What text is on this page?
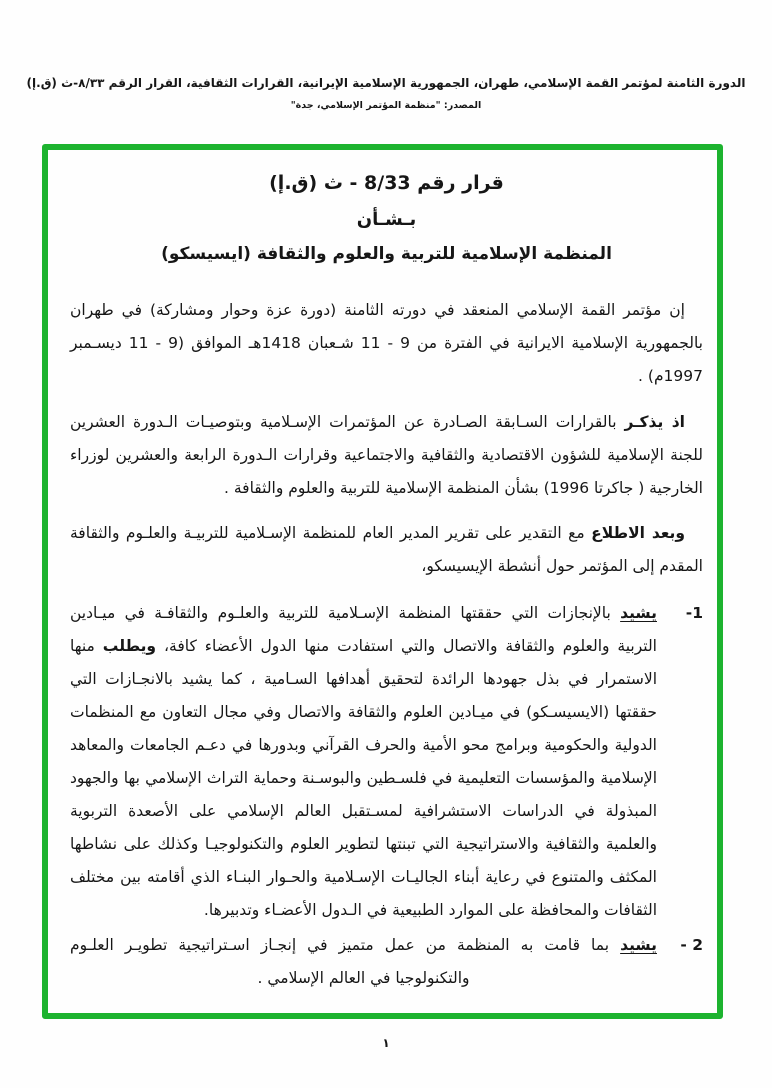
الدورة الثامنة لمؤتمر القمة الإسلامي، طهران، الجمهورية الإسلامية الإيرانية، القرارات الثقافية، القرار الرقم ٨/٣٣-ث (ق.إ)
المصدر: "منظمة المؤتمر الإسلامي، جدة"
قرار رقم 8/33 - ث (ق.إ)
بـشـأن
المنظمة الإسلامية للتربية والعلوم والثقافة (ايسيسكو)

إن مؤتمر القمة الإسلامي المنعقد في دورته الثامنة (دورة عزة وحوار ومشاركة) في طهران بالجمهورية الإسلامية الايرانية في الفترة من 9 - 11 شـعبان 1418هـ الموافق (9 - 11 ديسـمبر 1997م) .

اذ يذكـر بالقرارات السـابقة الصـادرة عن المؤتمرات الإسـلامية وبتوصيـات الـدورة العشرين للجنة الإسلامية للشؤون الاقتصادية والثقافية والاجتماعية وقرارات الـدورة الرابعة والعشرين لوزراء الخارجية ( جاكرتا 1996) بشأن المنظمة الإسلامية للتربية والعلوم والثقافة .

وبعد الاطلاع مع التقدير على تقرير المدير العام للمنظمة الإسـلامية للتربيـة والعلـوم والثقافة المقدم إلى المؤتمر حول أنشطة الإيسيسكو،

1-
يشيد بالإنجازات التي حققتها المنظمة الإسـلامية للتربية والعلـوم والثقافـة في ميـادين التربية والعلوم والثقافة والاتصال والتي استفادت منها الدول الأعضاء كافة، ويطلب منها الاستمرار في بذل جهودها الرائدة لتحقيق أهدافها السـامية ، كما يشيد بالانجـازات التي حققتها (الايسيسـكو) في ميـادين العلوم والثقافة والاتصال وفي مجال التعاون مع المنظمات الدولية والحكومية وبرامج محو الأمية والحرف القرآني وبدورها في دعـم الجامعات والمعاهد الإسلامية والمؤسسات التعليمية في فلسـطين والبوسـنة وحماية التراث الإسلامي بها والجهود المبذولة في الدراسات الاستشرافية لمسـتقبل العالم الإسلامي على الأصعدة التربوية والعلمية والثقافية والاستراتيجية التي تبنتها لتطوير العلوم والتكنولوجيـا وكذلك على نشاطها المكثف والمتنوع في رعاية أبناء الجاليـات الإسـلامية والحـوار البنـاء الذي أقامته بين مختلف الثقافات والمحافظة على الموارد الطبيعية في الـدول الأعضـاء وتدبيرها.
2 -
يشيد بما قامت به المنظمة من عمل متميز في إنجـاز اسـتراتيجية تطويـر العلـوم والتكنولوجيا في العالم الإسلامي .
١
